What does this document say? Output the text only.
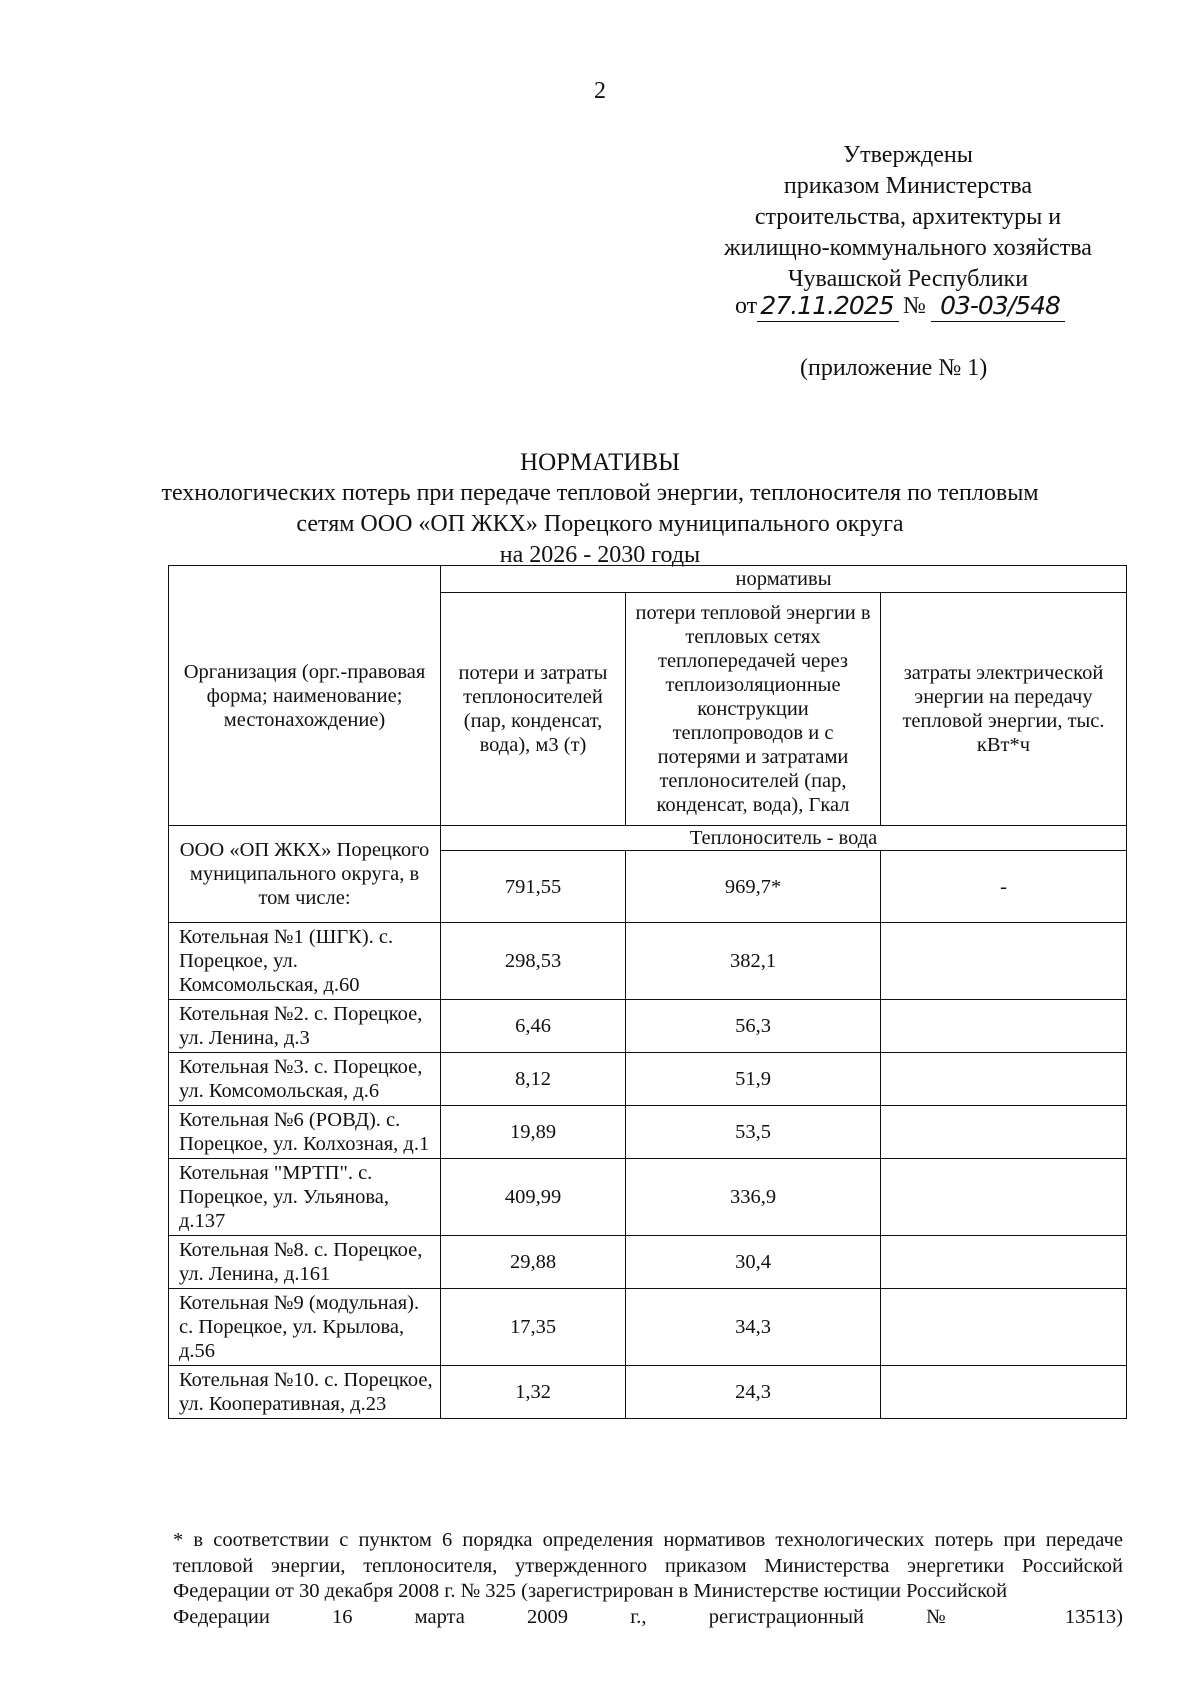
2
Утверждены
приказом Министерства
строительства, архитектуры и
жилищно-коммунального хозяйства
Чувашской Республики
от 27.11.2025 № 03-03/548
(приложение № 1)
НОРМАТИВЫ
технологических потерь при передаче тепловой энергии, теплоносителя по тепловым
сетям ООО «ОП ЖКХ» Порецкого муниципального округа
на 2026 - 2030 годы
Организация (орг.-правовая форма; наименование; местонахождение)	нормативы		
	потери и затраты теплоносителей (пар, конденсат, вода), м3 (т)	потери тепловой энергии в тепловых сетях теплопередачей через теплоизоляционные конструкции теплопроводов и с потерями и затратами теплоносителей (пар, конденсат, вода), Гкал	затраты электрической энергии на передачу тепловой энергии, тыс. кВт*ч
ООО «ОП ЖКХ» Порецкого муниципального округа, в том числе:	Теплоноситель - вода		
	791,55	969,7*	-
Котельная №1 (ШГК). с. Порецкое, ул. Комсомольская, д.60	298,53	382,1	
Котельная №2. с. Порецкое, ул. Ленина, д.3	6,46	56,3	
Котельная №3. с. Порецкое, ул. Комсомольская, д.6	8,12	51,9	
Котельная №6 (РОВД). с. Порецкое, ул. Колхозная, д.1	19,89	53,5	
Котельная "МРТП". с. Порецкое, ул. Ульянова, д.137	409,99	336,9	
Котельная №8. с. Порецкое, ул. Ленина, д.161	29,88	30,4	
Котельная №9 (модульная). с. Порецкое, ул. Крылова, д.56	17,35	34,3	
Котельная №10. с. Порецкое, ул. Кооперативная, д.23	1,32	24,3	
* в соответствии с пунктом 6 порядка определения нормативов технологических потерь при передаче тепловой энергии, теплоносителя, утвержденного приказом Министерства энергетики Российской Федерации от 30 декабря 2008 г. № 325 (зарегистрирован в Министерстве юстиции Российской
Федерации 16 марта 2009 г., регистрационный № 13513)
